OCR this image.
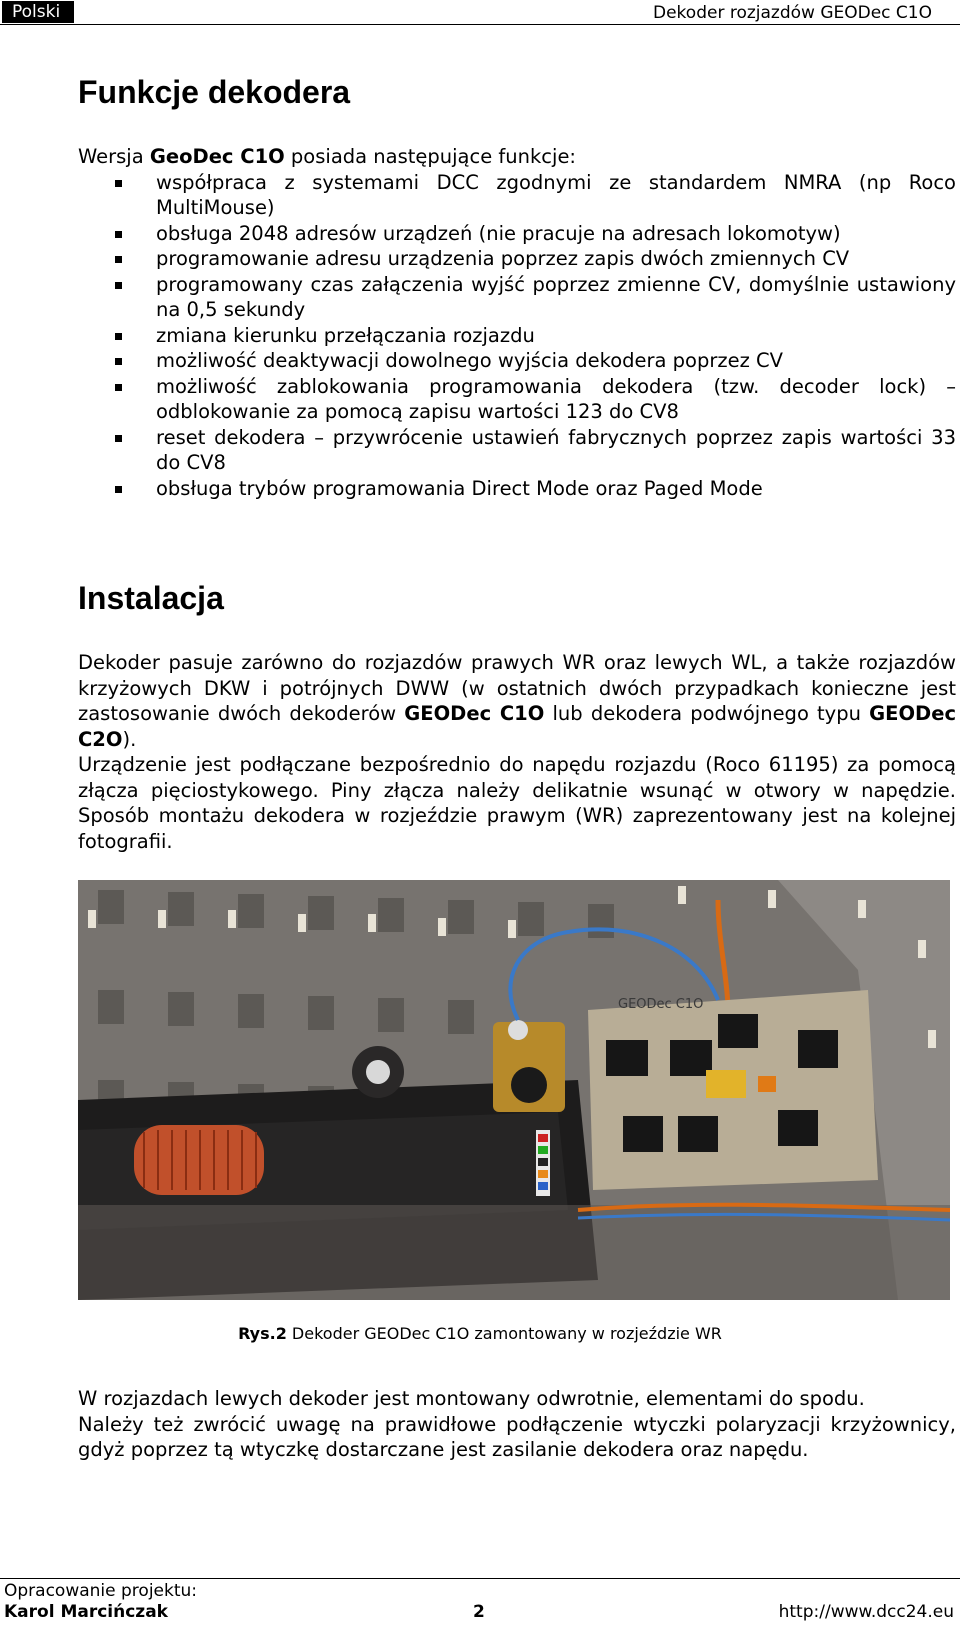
Polski	Dekoder rozjazdów GEODec C1O
Funkcje dekodera

Wersja GeoDec C1O posiada następujące funkcje:

współpraca z systemami DCC zgodnymi ze standardem NMRA (np Roco MultiMouse)
obsługa 2048 adresów urządzeń (nie pracuje na adresach lokomotyw)
programowanie adresu urządzenia poprzez zapis dwóch zmiennych CV
programowany czas załączenia wyjść poprzez zmienne CV, domyślnie ustawiony na 0,5 sekundy
zmiana kierunku przełączania rozjazdu
możliwość deaktywacji dowolnego wyjścia dekodera poprzez CV
możliwość zablokowania programowania dekodera (tzw. decoder lock) – odblokowanie za pomocą zapisu wartości 123 do CV8
reset dekodera – przywrócenie ustawień fabrycznych poprzez zapis wartości 33 do CV8
obsługa trybów programowania Direct Mode oraz Paged Mode
Instalacja

Dekoder pasuje zarówno do rozjazdów prawych WR oraz lewych WL, a także rozjazdów krzyżowych DKW i potrójnych DWW (w ostatnich dwóch przypadkach konieczne jest zastosowanie dwóch dekoderów GEODec C1O lub dekodera podwójnego typu GEODec C2O).

Urządzenie jest podłączane bezpośrednio do napędu rozjazdu (Roco 61195) za pomocą złącza pięciostykowego. Piny złącza należy delikatnie wsunąć w otwory w napędzie. Sposób montażu dekodera w rozjeździe prawym (WR) zaprezentowany jest na kolejnej fotografii.

GEODec C1O
Rys.2 Dekoder GEODec C1O zamontowany w rozjeździe WR

W rozjazdach lewych dekoder jest montowany odwrotnie, elementami do spodu.

Należy też zwrócić uwagę na prawidłowe podłączenie wtyczki polaryzacji krzyżownicy, gdyż poprzez tą wtyczkę dostarczane jest zasilanie dekodera oraz napędu.

Opracowanie projektu:
Karol Marcińczak	2	http://www.dcc24.eu
